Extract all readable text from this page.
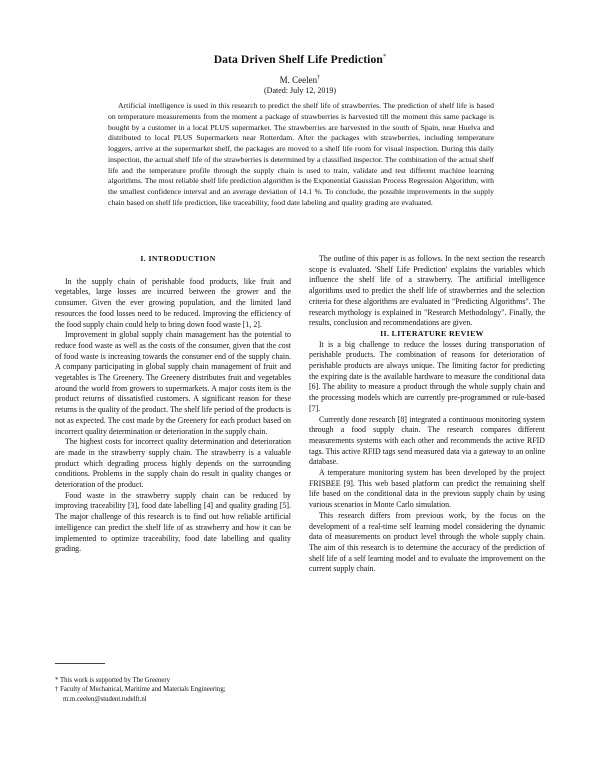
Data Driven Shelf Life Prediction*
M. Ceelen†
(Dated: July 12, 2019)
Artificial intelligence is used in this research to predict the shelf life of strawberries. The prediction of shelf life is based on temperature measurements from the moment a package of strawberries is harvested till the moment this same package is bought by a customer in a local PLUS supermarket. The strawberries are harvested in the south of Spain, near Huelva and distributed to local PLUS Supermarkets near Rotterdam. After the packages with strawberries, including temperature loggers, arrive at the supermarket shelf, the packages are moved to a shelf life room for visual inspection. During this daily inspection, the actual shelf life of the strawberries is determined by a classified inspector. The combination of the actual shelf life and the temperature profile through the supply chain is used to train, validate and test different machine learning algorithms. The most reliable shelf life prediction algorithm is the Exponential Gaussian Process Regression Algorithm, with the smallest confidence interval and an average deviation of 14.1 %. To conclude, the possible improvements in the supply chain based on shelf life prediction, like traceability, food date labeling and quality grading are evaluated.

I. INTRODUCTION

In the supply chain of perishable food products, like fruit and vegetables, large losses are incurred between the grower and the consumer. Given the ever growing population, and the limited land resources the food losses need to be reduced. Improving the efficiency of the food supply chain could help to bring down food waste [1, 2].

Improvement in global supply chain management has the potential to reduce food waste as well as the costs of the consumer, given that the cost of food waste is increasing towards the consumer end of the supply chain. A company participating in global supply chain management of fruit and vegetables is The Greenery. The Greenery distributes fruit and vegetables around the world from growers to supermarkets. A major costs item is the product returns of dissatisfied customers. A significant reason for these returns is the quality of the product. The shelf life period of the products is not as expected. The cost made by the Greenery for each product based on incorrect quality determination or deterioration in the supply chain.

The highest costs for incorrect quality determination and deterioration are made in the strawberry supply chain. The strawberry is a valuable product which degrading process highly depends on the surrounding conditions. Problems in the supply chain do result in quality changes or deterioration of the product.

Food waste in the strawberry supply chain can be reduced by improving traceability [3], food date labelling [4] and quality grading [5]. The major challenge of this research is to find out how reliable artificial intelligence can predict the shelf life of as strawberry and how it can be implemented to optimize traceability, food date labelling and quality grading.

* This work is supported by The Greenery
† Faculty of Mechanical, Maritime and Materials Engineering; m.m.ceelen@student.tudelft.nl

The outline of this paper is as follows. In the next section the research scope is evaluated. 'Shelf Life Prediction' explains the variables which influence the shelf life of a strawberry. The artificial intelligence algorithms used to predict the shelf life of strawberries and the selection criteria for these algorithms are evaluated in "Predicting Algorithms". The research mythology is explained in "Research Methodology". Finally, the results, conclusion and recommendations are given.

II. LITERATURE REVIEW

It is a big challenge to reduce the losses during transportation of perishable products. The combination of reasons for deterioration of perishable products are always unique. The limiting factor for predicting the expiring date is the available hardware to measure the conditional data [6]. The ability to measure a product through the whole supply chain and the processing models which are currently pre-programmed or rule-based [7].

Currently done research [8] integrated a continuous monitoring system through a food supply chain. The research compares different measurements systems with each other and recommends the active RFID tags. This active RFID tags send measured data via a gateway to an online database.

A temperature monitoring system has been developed by the project FRISBEE [9]. This web based platform can predict the remaining shelf life based on the conditional data in the previous supply chain by using various scenarios in Monte Carlo simulation.

This research differs from previous work, by the focus on the development of a real-time self learning model considering the dynamic data of measurements on product level through the whole supply chain. The aim of this research is to determine the accuracy of the prediction of shelf life of a self learning model and to evaluate the improvement on the current supply chain.
